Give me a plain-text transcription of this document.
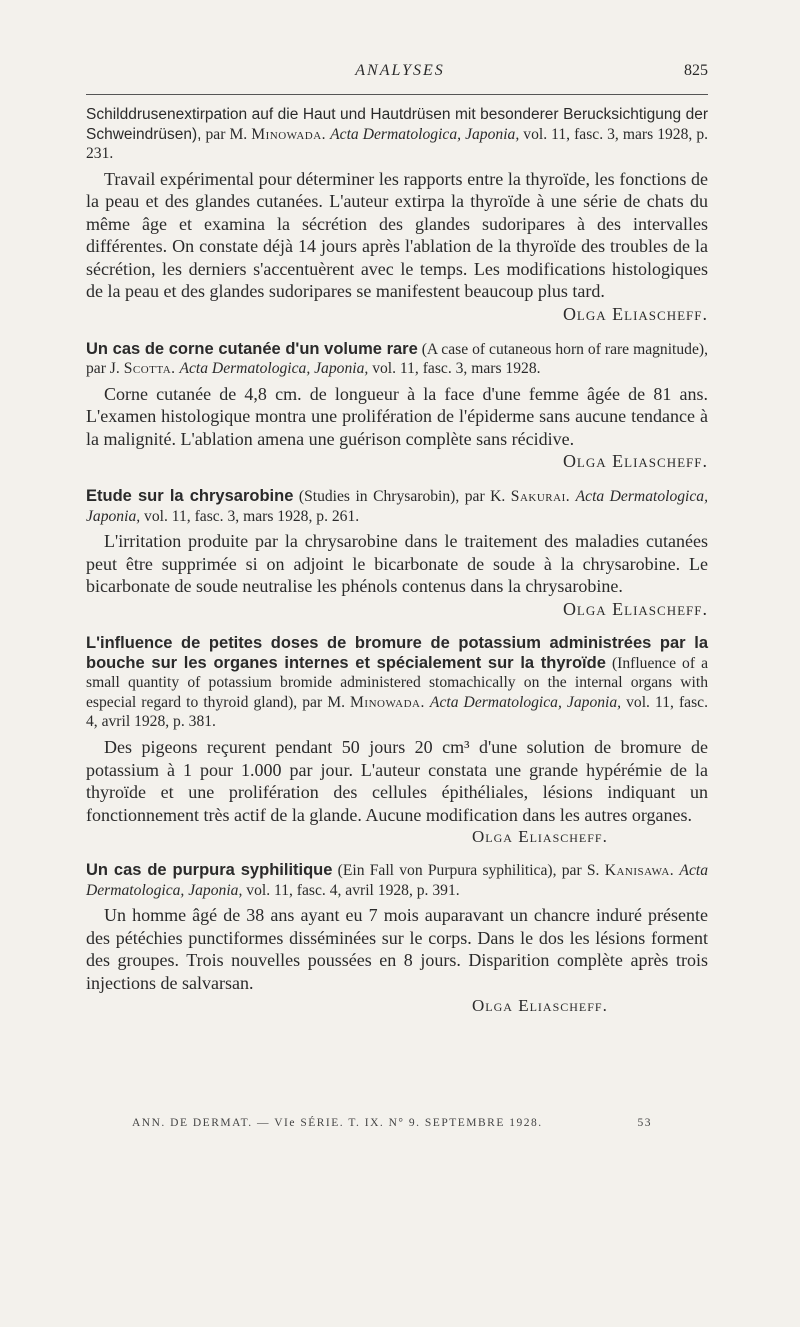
ANALYSES	825

Schilddrusenextirpation auf die Haut und Hautdrüsen mit besonderer Berucksichtigung der Schweindrüsen), par M. Minowada. Acta Dermatologica, Japonia, vol. 11, fasc. 3, mars 1928, p. 231.

Travail expérimental pour déterminer les rapports entre la thyroïde, les fonctions de la peau et des glandes cutanées. L'auteur extirpa la thyroïde à une série de chats du même âge et examina la sécrétion des glandes sudoripares à des intervalles différentes. On constate déjà 14 jours après l'ablation de la thyroïde des troubles de la sécrétion, les derniers s'accentuèrent avec le temps. Les modifications histologiques de la peau et des glandes sudoripares se manifestent beaucoup plus tard.
Olga Eliascheff.

Un cas de corne cutanée d'un volume rare (A case of cutaneous horn of rare magnitude), par J. Scotta. Acta Dermatologica, Japonia, vol. 11, fasc. 3, mars 1928.

Corne cutanée de 4,8 cm. de longueur à la face d'une femme âgée de 81 ans. L'examen histologique montra une prolifération de l'épiderme sans aucune tendance à la malignité. L'ablation amena une guérison complète sans récidive.
Olga Eliascheff.

Etude sur la chrysarobine (Studies in Chrysarobin), par K. Sakurai. Acta Dermatologica, Japonia, vol. 11, fasc. 3, mars 1928, p. 261.

L'irritation produite par la chrysarobine dans le traitement des maladies cutanées peut être supprimée si on adjoint le bicarbonate de soude à la chrysarobine. Le bicarbonate de soude neutralise les phénols contenus dans la chrysarobine.
Olga Eliascheff.

L'influence de petites doses de bromure de potassium administrées par la bouche sur les organes internes et spécialement sur la thyroïde (Influence of a small quantity of potassium bromide administered stomachically on the internal organs with especial regard to thyroid gland), par M. Minowada. Acta Dermatologica, Japonia, vol. 11, fasc. 4, avril 1928, p. 381.

Des pigeons reçurent pendant 50 jours 20 cm³ d'une solution de bromure de potassium à 1 pour 1.000 par jour. L'auteur constata une grande hypérémie de la thyroïde et une prolifération des cellules épithéliales, lésions indiquant un fonctionnement très actif de la glande. Aucune modification dans les autres organes.

Olga Eliascheff.

Un cas de purpura syphilitique (Ein Fall von Purpura syphilitica), par S. Kanisawa. Acta Dermatologica, Japonia, vol. 11, fasc. 4, avril 1928, p. 391.

Un homme âgé de 38 ans ayant eu 7 mois auparavant un chancre induré présente des pétéchies punctiformes disséminées sur le corps. Dans le dos les lésions forment des groupes. Trois nouvelles poussées en 8 jours. Disparition complète après trois injections de salvarsan.

Olga Eliascheff.
ANN. DE DERMAT. — VIe SÉRIE. T. IX. N° 9. SEPTEMBRE 1928.	53
